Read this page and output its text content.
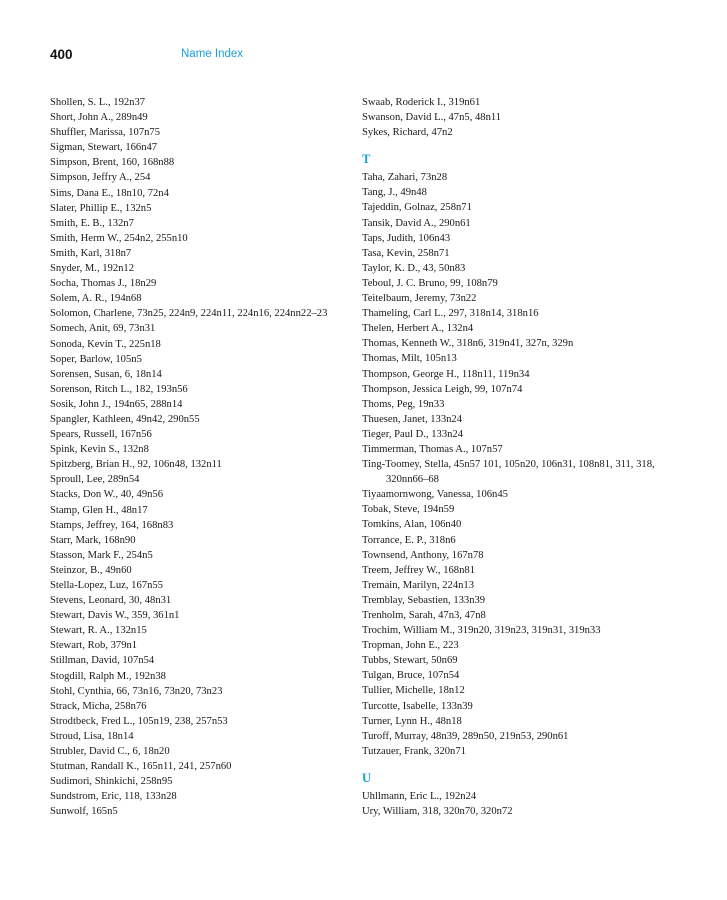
400	Name Index
Shollen, S. L., 192n37
Short, John A., 289n49
Shuffler, Marissa, 107n75
Sigman, Stewart, 166n47
Simpson, Brent, 160, 168n88
Simpson, Jeffry A., 254
Sims, Dana E., 18n10, 72n4
Slater, Phillip E., 132n5
Smith, E. B., 132n7
Smith, Herm W., 254n2, 255n10
Smith, Karl, 318n7
Snyder, M., 192n12
Socha, Thomas J., 18n29
Solem, A. R., 194n68
Solomon, Charlene, 73n25, 224n9, 224n11, 224n16, 224nn22–23
Somech, Anit, 69, 73n31
Sonoda, Kevin T., 225n18
Soper, Barlow, 105n5
Sorensen, Susan, 6, 18n14
Sorenson, Ritch L., 182, 193n56
Sosik, John J., 194n65, 288n14
Spangler, Kathleen, 49n42, 290n55
Spears, Russell, 167n56
Spink, Kevin S., 132n8
Spitzberg, Brian H., 92, 106n48, 132n11
Sproull, Lee, 289n54
Stacks, Don W., 40, 49n56
Stamp, Glen H., 48n17
Stamps, Jeffrey, 164, 168n83
Starr, Mark, 168n90
Stasson, Mark F., 254n5
Steinzor, B., 49n60
Stella-Lopez, Luz, 167n55
Stevens, Leonard, 30, 48n31
Stewart, Davis W., 359, 361n1
Stewart, R. A., 132n15
Stewart, Rob, 379n1
Stillman, David, 107n54
Stogdill, Ralph M., 192n38
Stohl, Cynthia, 66, 73n16, 73n20, 73n23
Strack, Micha, 258n76
Strodtbeck, Fred L., 105n19, 238, 257n53
Stroud, Lisa, 18n14
Strubler, David C., 6, 18n20
Stutman, Randall K., 165n11, 241, 257n60
Sudimori, Shinkichi, 258n95
Sundstrom, Eric, 118, 133n28
Sunwolf, 165n5
Swaab, Roderick I., 319n61
Swanson, David L., 47n5, 48n11
Sykes, Richard, 47n2
T
Taha, Zahari, 73n28
Tang, J., 49n48
Tajeddin, Golnaz, 258n71
Tansik, David A., 290n61
Taps, Judith, 106n43
Tasa, Kevin, 258n71
Taylor, K. D., 43, 50n83
Teboul, J. C. Bruno, 99, 108n79
Teitelbaum, Jeremy, 73n22
Thameling, Carl L., 297, 318n14, 318n16
Thelen, Herbert A., 132n4
Thomas, Kenneth W., 318n6, 319n41, 327n, 329n
Thomas, Milt, 105n13
Thompson, George H., 118n11, 119n34
Thompson, Jessica Leigh, 99, 107n74
Thoms, Peg, 19n33
Thuesen, Janet, 133n24
Tieger, Paul D., 133n24
Timmerman, Thomas A., 107n57
Ting-Toomey, Stella, 45n57 101, 105n20, 106n31, 108n81, 311, 318, 320nn66–68
Tiyaamornwong, Vanessa, 106n45
Tobak, Steve, 194n59
Tomkins, Alan, 106n40
Torrance, E. P., 318n6
Townsend, Anthony, 167n78
Treem, Jeffrey W., 168n81
Tremain, Marilyn, 224n13
Tremblay, Sebastien, 133n39
Trenholm, Sarah, 47n3, 47n8
Trochim, William M., 319n20, 319n23, 319n31, 319n33
Tropman, John E., 223
Tubbs, Stewart, 50n69
Tulgan, Bruce, 107n54
Tullier, Michelle, 18n12
Turcotte, Isabelle, 133n39
Turner, Lynn H., 48n18
Turoff, Murray, 48n39, 289n50, 219n53, 290n61
Tutzauer, Frank, 320n71
U
Uhllmann, Eric L., 192n24
Ury, William, 318, 320n70, 320n72
